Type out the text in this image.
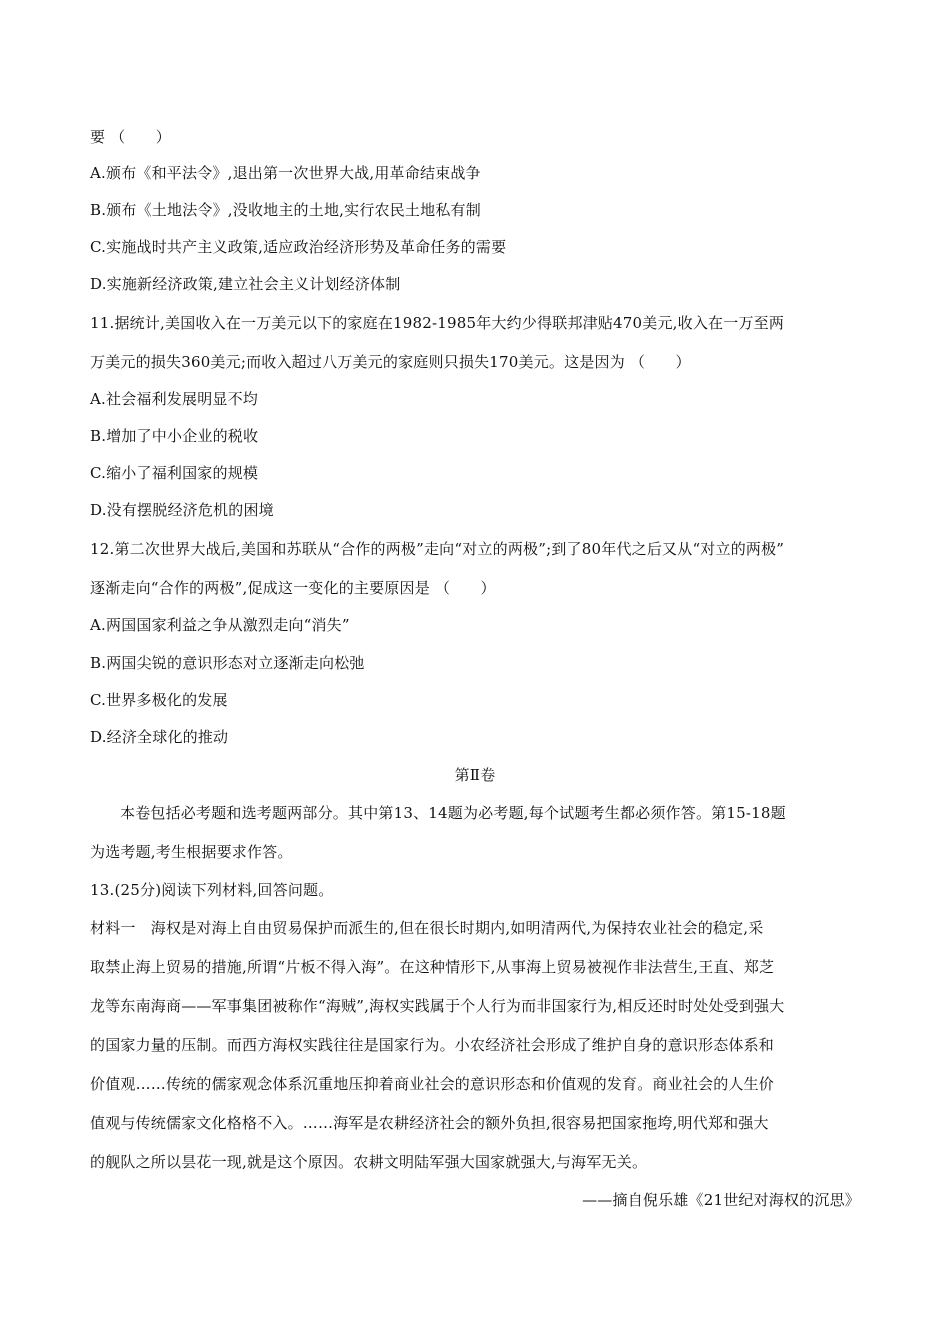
要 （　　）
A.颁布《和平法令》,退出第一次世界大战,用革命结束战争
B.颁布《土地法令》,没收地主的土地,实行农民土地私有制
C.实施战时共产主义政策,适应政治经济形势及革命任务的需要
D.实施新经济政策,建立社会主义计划经济体制
11.据统计,美国收入在一万美元以下的家庭在1982-1985年大约少得联邦津贴470美元,收入在一万至两
万美元的损失360美元;而收入超过八万美元的家庭则只损失170美元。这是因为 （　　）
A.社会福利发展明显不均
B.增加了中小企业的税收
C.缩小了福利国家的规模
D.没有摆脱经济危机的困境
12.第二次世界大战后,美国和苏联从“合作的两极”走向“对立的两极”;到了80年代之后又从“对立的两极”
逐渐走向“合作的两极”,促成这一变化的主要原因是 （　　）
A.两国国家利益之争从激烈走向“消失”
B.两国尖锐的意识形态对立逐渐走向松弛
C.世界多极化的发展
D.经济全球化的推动
第Ⅱ卷
本卷包括必考题和选考题两部分。其中第13、14题为必考题,每个试题考生都必须作答。第15-18题
为选考题,考生根据要求作答。
13.(25分)阅读下列材料,回答问题。
材料一　海权是对海上自由贸易保护而派生的,但在很长时期内,如明清两代,为保持农业社会的稳定,采
取禁止海上贸易的措施,所谓“片板不得入海”。在这种情形下,从事海上贸易被视作非法营生,王直、郑芝
龙等东南海商——军事集团被称作“海贼”,海权实践属于个人行为而非国家行为,相反还时时处处受到强大
的国家力量的压制。而西方海权实践往往是国家行为。小农经济社会形成了维护自身的意识形态体系和
价值观……传统的儒家观念体系沉重地压抑着商业社会的意识形态和价值观的发育。商业社会的人生价
值观与传统儒家文化格格不入。……海军是农耕经济社会的额外负担,很容易把国家拖垮,明代郑和强大
的舰队之所以昙花一现,就是这个原因。农耕文明陆军强大国家就强大,与海军无关。
——摘自倪乐雄《21世纪对海权的沉思》
